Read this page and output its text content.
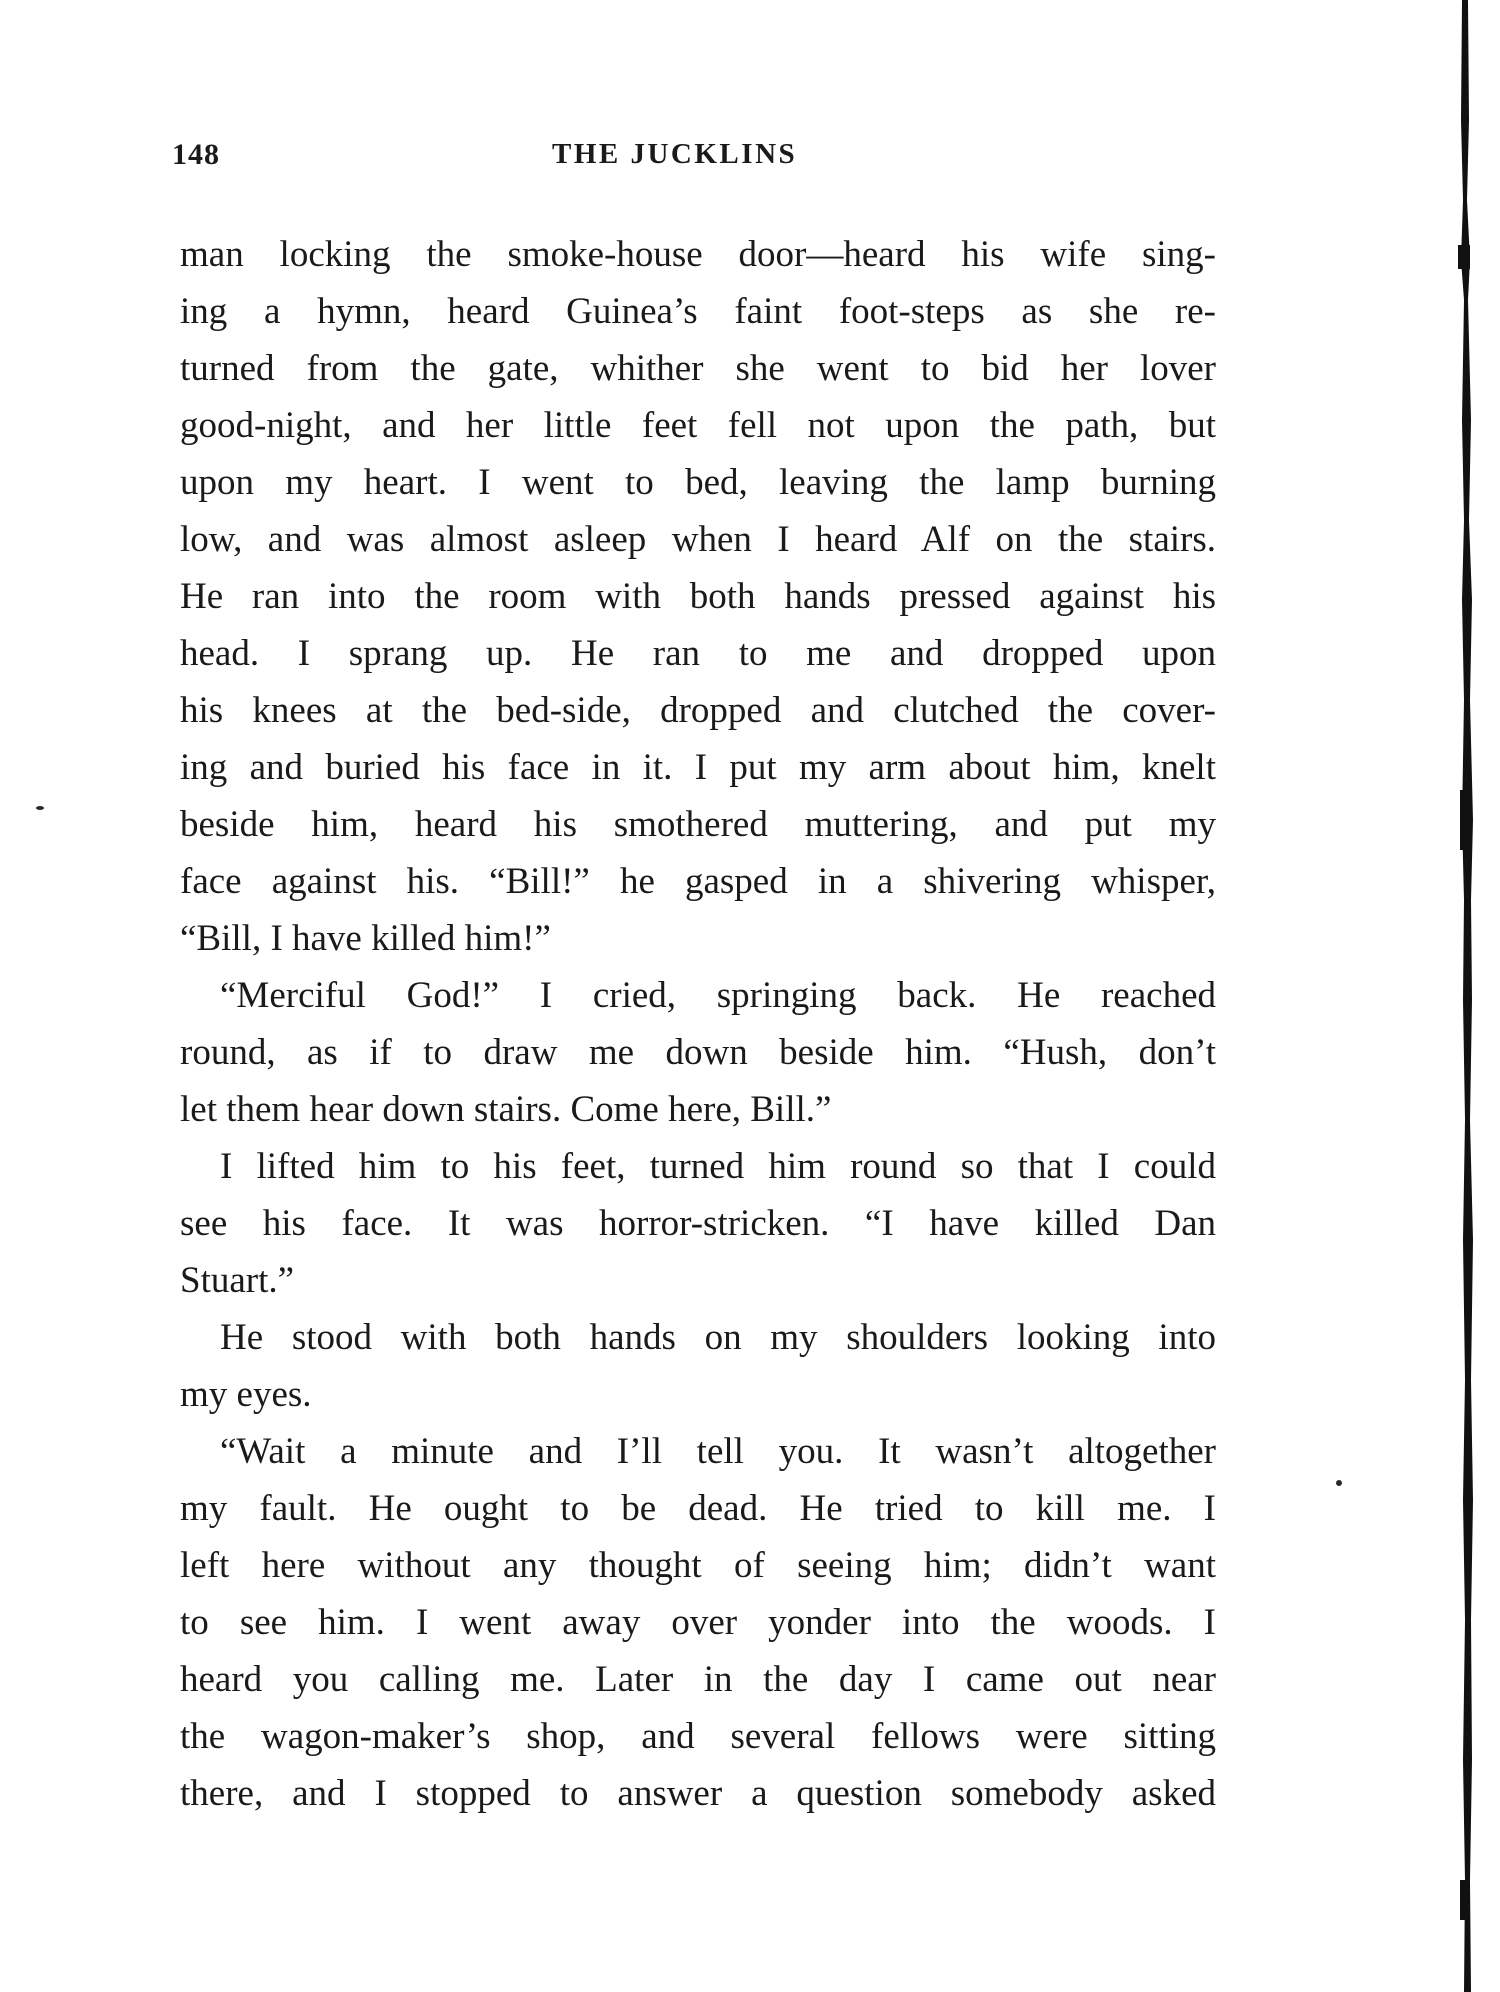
148	THE JUCKLINS
man locking the smoke-house door—heard his wife sing-
ing a hymn, heard Guinea’s faint foot-steps as she re-
turned from the gate, whither she went to bid her lover
good-night, and her little feet fell not upon the path, but
upon my heart. I went to bed, leaving the lamp burning
low, and was almost asleep when I heard Alf on the stairs.
He ran into the room with both hands pressed against his
head. I sprang up. He ran to me and dropped upon
his knees at the bed-side, dropped and clutched the cover-
ing and buried his face in it. I put my arm about him, knelt
beside him, heard his smothered muttering, and put my
face against his. “Bill!” he gasped in a shivering whisper,
“Bill, I have killed him!”
“Merciful God!” I cried, springing back. He reached
round, as if to draw me down beside him. “Hush, don’t
let them hear down stairs. Come here, Bill.”
I lifted him to his feet, turned him round so that I could
see his face. It was horror-stricken. “I have killed Dan
Stuart.”
He stood with both hands on my shoulders looking into
my eyes.
“Wait a minute and I’ll tell you. It wasn’t altogether
my fault. He ought to be dead. He tried to kill me. I
left here without any thought of seeing him; didn’t want
to see him. I went away over yonder into the woods. I
heard you calling me. Later in the day I came out near
the wagon-maker’s shop, and several fellows were sitting
there, and I stopped to answer a question somebody asked
